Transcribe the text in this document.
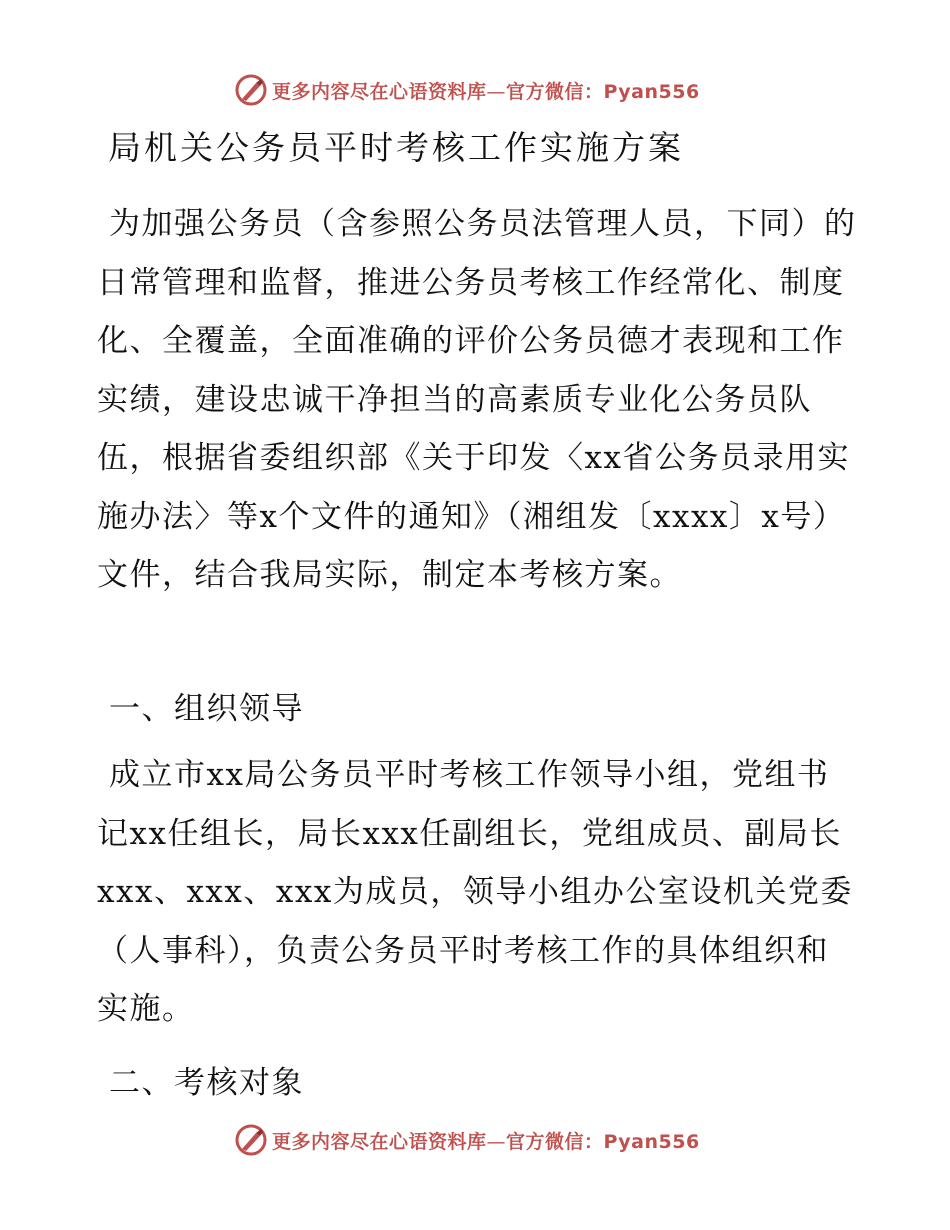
更多内容尽在心语资料库—官方微信：Pyan556
局机关公务员平时考核工作实施方案

为加强公务员（含参照公务员法管理人员，下同）的日常管理和监督，推进公务员考核工作经常化、制度化、全覆盖，全面准确的评价公务员德才表现和工作实绩，建设忠诚干净担当的高素质专业化公务员队伍，根据省委组织部《关于印发〈xx省公务员录用实施办法〉等x个文件的通知》（湘组发〔xxxx〕x号）文件，结合我局实际，制定本考核方案。

一、组织领导

成立市xx局公务员平时考核工作领导小组，党组书记xx任组长，局长xxx任副组长，党组成员、副局长xxx、xxx、xxx为成员，领导小组办公室设机关党委（人事科），负责公务员平时考核工作的具体组织和实施。

二、考核对象

更多内容尽在心语资料库—官方微信：Pyan556
